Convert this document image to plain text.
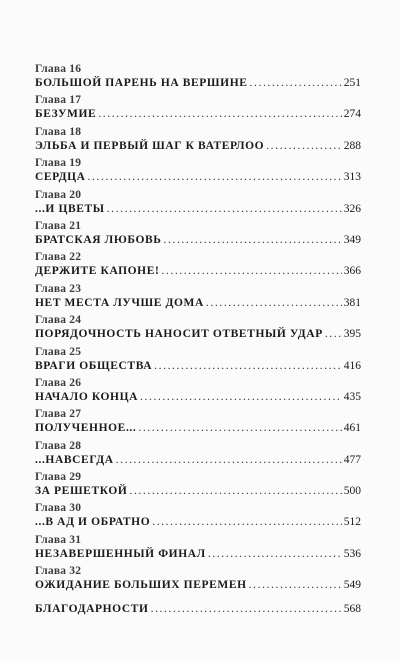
Глава 16
БОЛЬШОЙ ПАРЕНЬ НА ВЕРШИНЕ .....	251
Глава 17
БЕЗУМИЕ .....	274
Глава 18
ЭЛЬБА И ПЕРВЫЙ ШАГ К ВАТЕРЛОО .....	288
Глава 19
СЕРДЦА .....	313
Глава 20
...И ЦВЕТЫ .....	326
Глава 21
БРАТСКАЯ ЛЮБОВЬ .....	349
Глава 22
ДЕРЖИТЕ КАПОНЕ! .....	366
Глава 23
НЕТ МЕСТА ЛУЧШЕ ДОМА .....	381
Глава 24
ПОРЯДОЧНОСТЬ НАНОСИТ ОТВЕТНЫЙ УДАР ..... 395
Глава 25
ВРАГИ ОБЩЕСТВА .....	416
Глава 26
НАЧАЛО КОНЦА .....	435
Глава 27
ПОЛУЧЕННОЕ... .....	461
Глава 28
...НАВСЕГДА .....	477
Глава 29
ЗА РЕШЕТКОЙ .....	500
Глава 30
...В АД И ОБРАТНО .....	512
Глава 31
НЕЗАВЕРШЕННЫЙ ФИНАЛ .....	536
Глава 32
ОЖИДАНИЕ БОЛЬШИХ ПЕРЕМЕН .....	549
БЛАГОДАРНОСТИ .....	568
